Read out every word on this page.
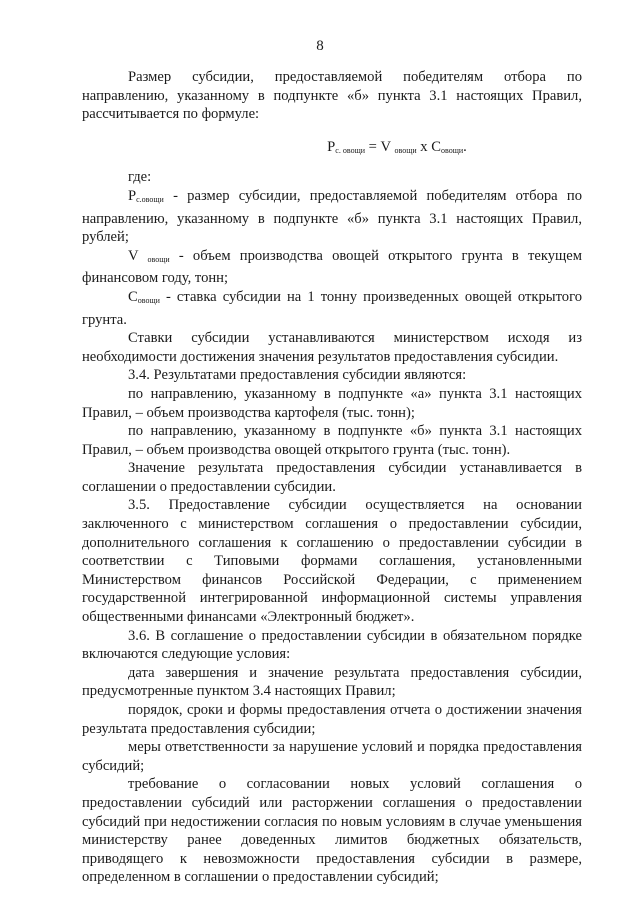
8

Размер субсидии, предоставляемой победителям отбора по направлению, указанному в подпункте «б» пункта 3.1 настоящих Правил, рассчитывается по формуле:

$Р_{с. овощи} = V$ $_{овощи}$ х $С_{овощи}$.

где:

$Р_{с.овощи}$ - размер субсидии, предоставляемой победителям отбора по направлению, указанному в подпункте «б» пункта 3.1 настоящих Правил, рублей;

V $_{овощи}$ - объем производства овощей открытого грунта в текущем финансовом году, тонн;

$С_{овощи}$ - ставка субсидии на 1 тонну произведенных овощей открытого грунта.

Ставки субсидии устанавливаются министерством исходя из необходимости достижения значения результатов предоставления субсидии.

3.4. Результатами предоставления субсидии являются:

по направлению, указанному в подпункте «а» пункта 3.1 настоящих Правил, – объем производства картофеля (тыс. тонн);

по направлению, указанному в подпункте «б» пункта 3.1 настоящих Правил, – объем производства овощей открытого грунта (тыс. тонн).

Значение результата предоставления субсидии устанавливается в соглашении о предоставлении субсидии.

3.5. Предоставление субсидии осуществляется на основании заключенного с министерством соглашения о предоставлении субсидии, дополнительного соглашения к соглашению о предоставлении субсидии в соответствии с Типовыми формами соглашения, установленными Министерством финансов Российской Федерации, с применением государственной интегрированной информационной системы управления общественными финансами «Электронный бюджет».

3.6. В соглашение о предоставлении субсидии в обязательном порядке включаются следующие условия:

дата завершения и значение результата предоставления субсидии, предусмотренные пунктом 3.4 настоящих Правил;

порядок, сроки и формы предоставления отчета о достижении значения результата предоставления субсидии;

меры ответственности за нарушение условий и порядка предоставления субсидий;

требование о согласовании новых условий соглашения о предоставлении субсидий или расторжении соглашения о предоставлении субсидий при недостижении согласия по новым условиям в случае уменьшения министерству ранее доведенных лимитов бюджетных обязательств, приводящего к невозможности предоставления субсидии в размере, определенном в соглашении о предоставлении субсидий;
